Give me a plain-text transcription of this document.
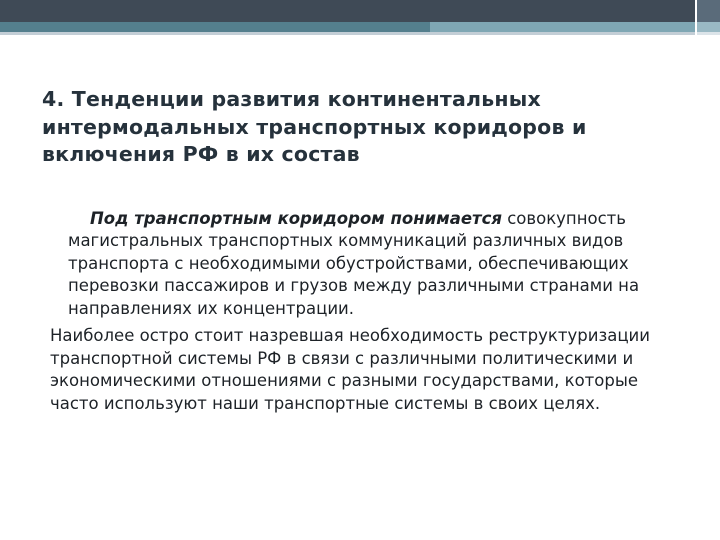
4. Тенденции развития континентальных интермодальных транспортных коридоров и включения РФ в их состав

Под транспортным коридором понимается совокупность магистральных транспортных коммуникаций различных видов транспорта с необходимыми обустройствами, обеспечивающих перевозки пассажиров и грузов между различными странами на направлениях их концентрации.

Наиболее остро стоит назревшая необходимость реструктуризации транспортной системы РФ в связи с различными политическими и экономическими отношениями с разными государствами, которые часто используют наши транспортные системы в своих целях.
